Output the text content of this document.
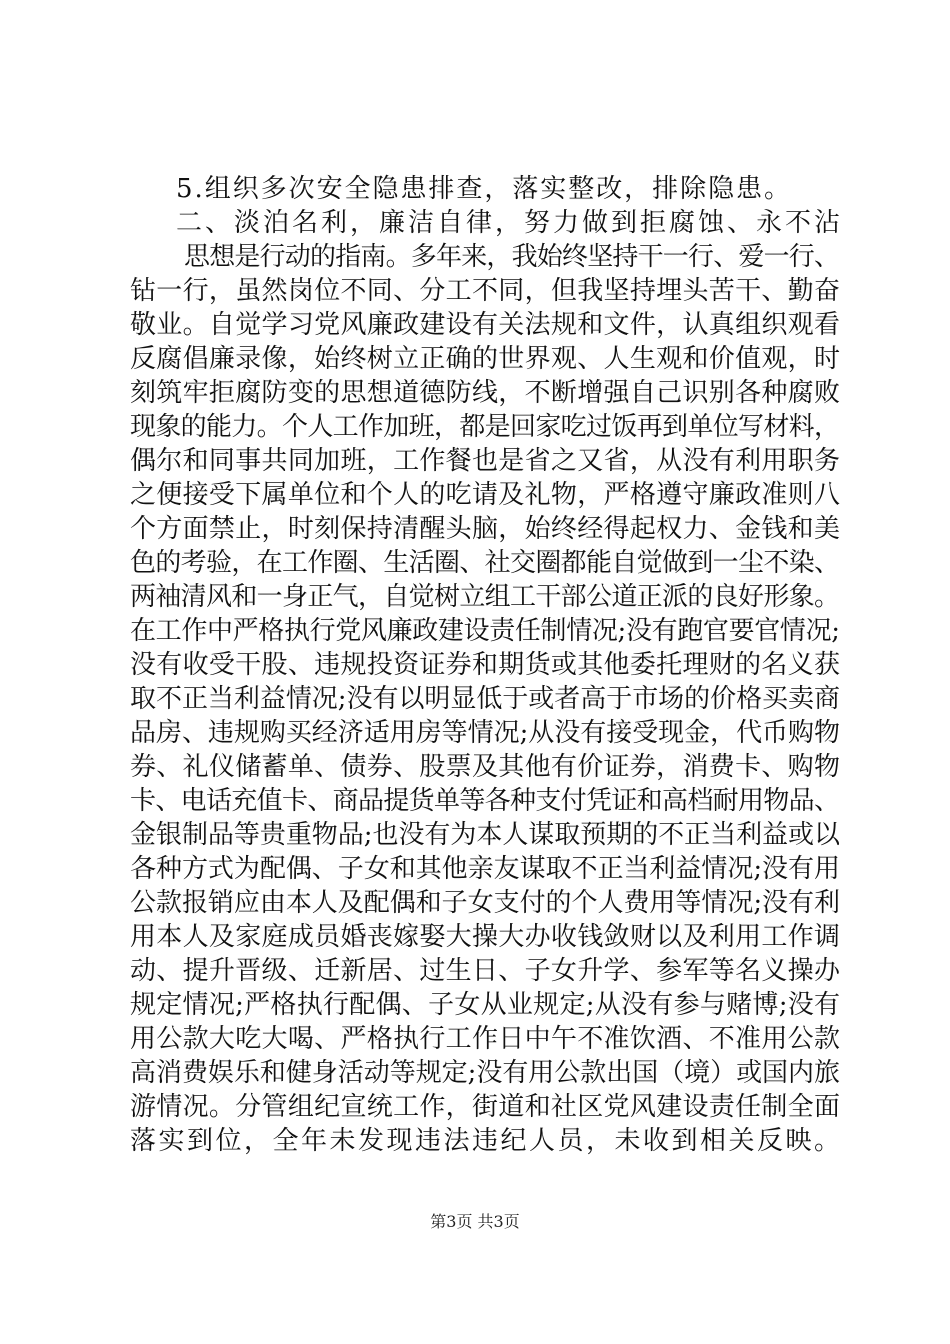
5.组织多次安全隐患排查，落实整改，排除隐患。
二、淡泊名利，廉洁自律，努力做到拒腐蚀、永不沾
思想是行动的指南。多年来，我始终坚持干一行、爱一行、
钻一行，虽然岗位不同、分工不同，但我坚持埋头苦干、勤奋
敬业。自觉学习党风廉政建设有关法规和文件，认真组织观看
反腐倡廉录像，始终树立正确的世界观、人生观和价值观，时
刻筑牢拒腐防变的思想道德防线，不断增强自己识别各种腐败
现象的能力。个人工作加班，都是回家吃过饭再到单位写材料，
偶尔和同事共同加班，工作餐也是省之又省，从没有利用职务
之便接受下属单位和个人的吃请及礼物，严格遵守廉政准则八
个方面禁止，时刻保持清醒头脑，始终经得起权力、金钱和美
色的考验，在工作圈、生活圈、社交圈都能自觉做到一尘不染、
两袖清风和一身正气，自觉树立组工干部公道正派的良好形象。
在工作中严格执行党风廉政建设责任制情况;没有跑官要官情况;
没有收受干股、违规投资证券和期货或其他委托理财的名义获
取不正当利益情况;没有以明显低于或者高于市场的价格买卖商
品房、违规购买经济适用房等情况;从没有接受现金，代币购物
券、礼仪储蓄单、债券、股票及其他有价证券，消费卡、购物
卡、电话充值卡、商品提货单等各种支付凭证和高档耐用物品、
金银制品等贵重物品;也没有为本人谋取预期的不正当利益或以
各种方式为配偶、子女和其他亲友谋取不正当利益情况;没有用
公款报销应由本人及配偶和子女支付的个人费用等情况;没有利
用本人及家庭成员婚丧嫁娶大操大办收钱敛财以及利用工作调
动、提升晋级、迁新居、过生日、子女升学、参军等名义操办
规定情况;严格执行配偶、子女从业规定;从没有参与赌博;没有
用公款大吃大喝、严格执行工作日中午不准饮酒、不准用公款
高消费娱乐和健身活动等规定;没有用公款出国（境）或国内旅
游情况。分管组纪宣统工作，街道和社区党风建设责任制全面
落实到位，全年未发现违法违纪人员，未收到相关反映。
第3页 共3页
